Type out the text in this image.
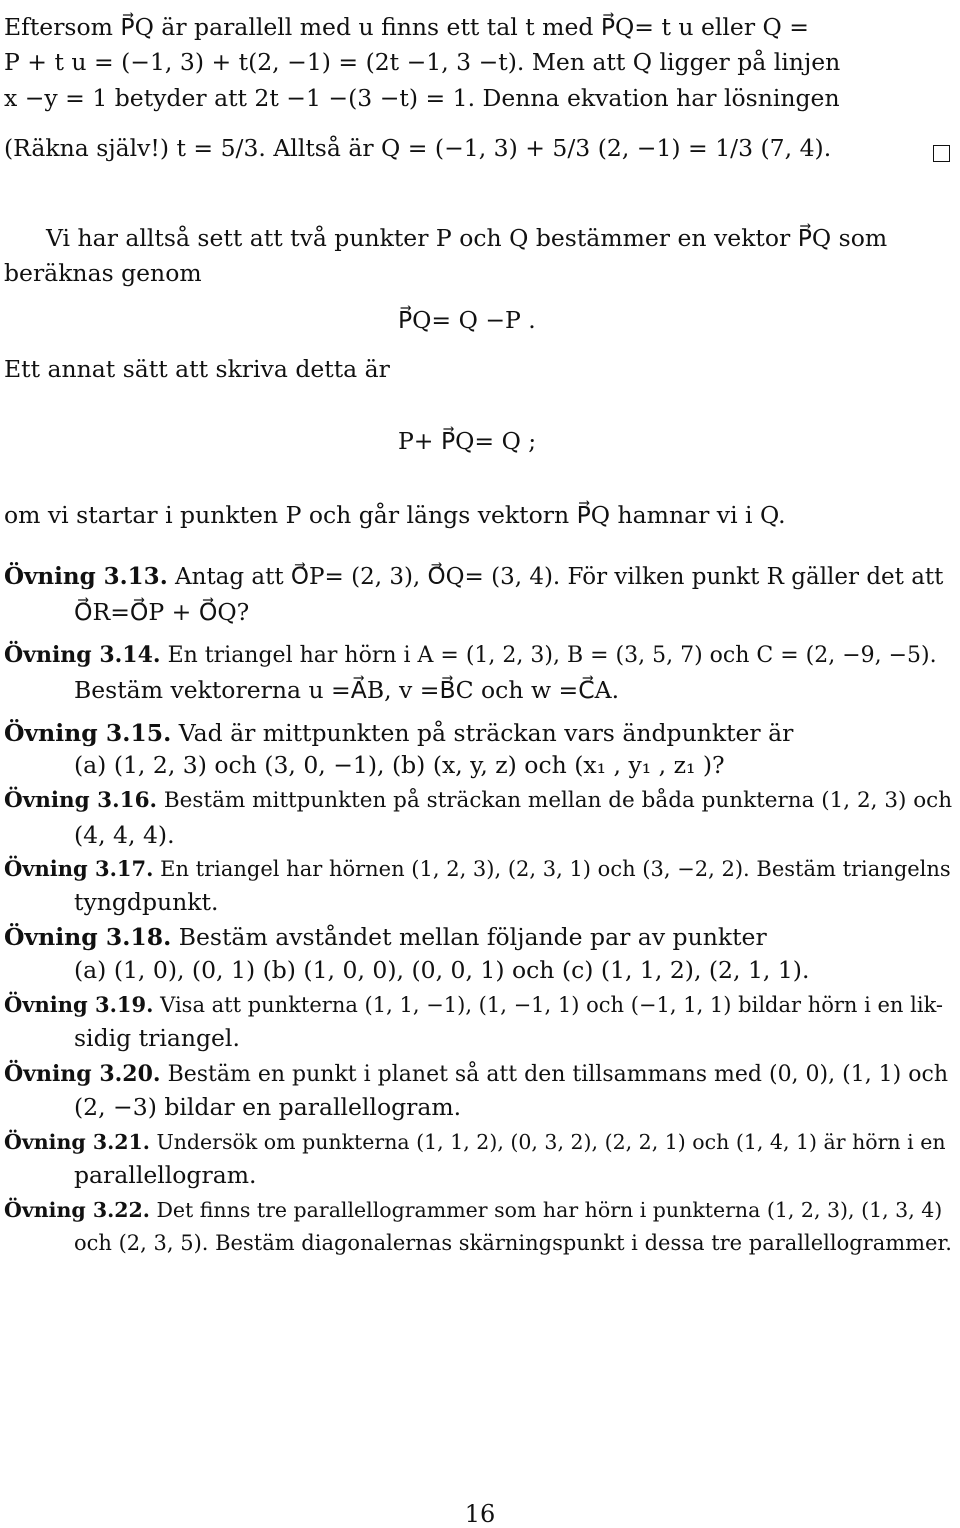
Eftersom P⃗Q är parallell med u finns ett tal t med P⃗Q= t u eller Q =
P + t u = (−1, 3) + t(2, −1) = (2t −1, 3 −t). Men att Q ligger på linjen
x −y = 1 betyder att 2t −1 −(3 −t) = 1. Denna ekvation har lösningen
(Räkna själv!) t = 5/3. Alltså är Q = (−1, 3) + 5/3 (2, −1) = 1/3 (7, 4).
Vi har alltså sett att två punkter P och Q bestämmer en vektor P⃗Q som
beräknas genom
P⃗Q= Q −P .
Ett annat sätt att skriva detta är
P+ P⃗Q= Q ;
om vi startar i punkten P och går längs vektorn P⃗Q hamnar vi i Q.
Övning 3.13. Antag att O⃗P= (2, 3), O⃗Q= (3, 4). För vilken punkt R gäller det att
O⃗R=O⃗P + O⃗Q?
Övning 3.14. En triangel har hörn i A = (1, 2, 3), B = (3, 5, 7) och C = (2, −9, −5).
Bestäm vektorerna u =A⃗B, v =B⃗C och w =C⃗A.
Övning 3.15. Vad är mittpunkten på sträckan vars ändpunkter är
(a) (1, 2, 3) och (3, 0, −1), (b) (x, y, z) och (x₁ , y₁ , z₁ )?
Övning 3.16. Bestäm mittpunkten på sträckan mellan de båda punkterna (1, 2, 3) och
(4, 4, 4).
Övning 3.17. En triangel har hörnen (1, 2, 3), (2, 3, 1) och (3, −2, 2). Bestäm triangelns
tyngdpunkt.
Övning 3.18. Bestäm avståndet mellan följande par av punkter
(a) (1, 0), (0, 1) (b) (1, 0, 0), (0, 0, 1) och (c) (1, 1, 2), (2, 1, 1).
Övning 3.19. Visa att punkterna (1, 1, −1), (1, −1, 1) och (−1, 1, 1) bildar hörn i en lik-
sidig triangel.
Övning 3.20. Bestäm en punkt i planet så att den tillsammans med (0, 0), (1, 1) och
(2, −3) bildar en parallellogram.
Övning 3.21. Undersök om punkterna (1, 1, 2), (0, 3, 2), (2, 2, 1) och (1, 4, 1) är hörn i en
parallellogram.
Övning 3.22. Det finns tre parallellogrammer som har hörn i punkterna (1, 2, 3), (1, 3, 4)
och (2, 3, 5). Bestäm diagonalernas skärningspunkt i dessa tre parallellogrammer.
16
